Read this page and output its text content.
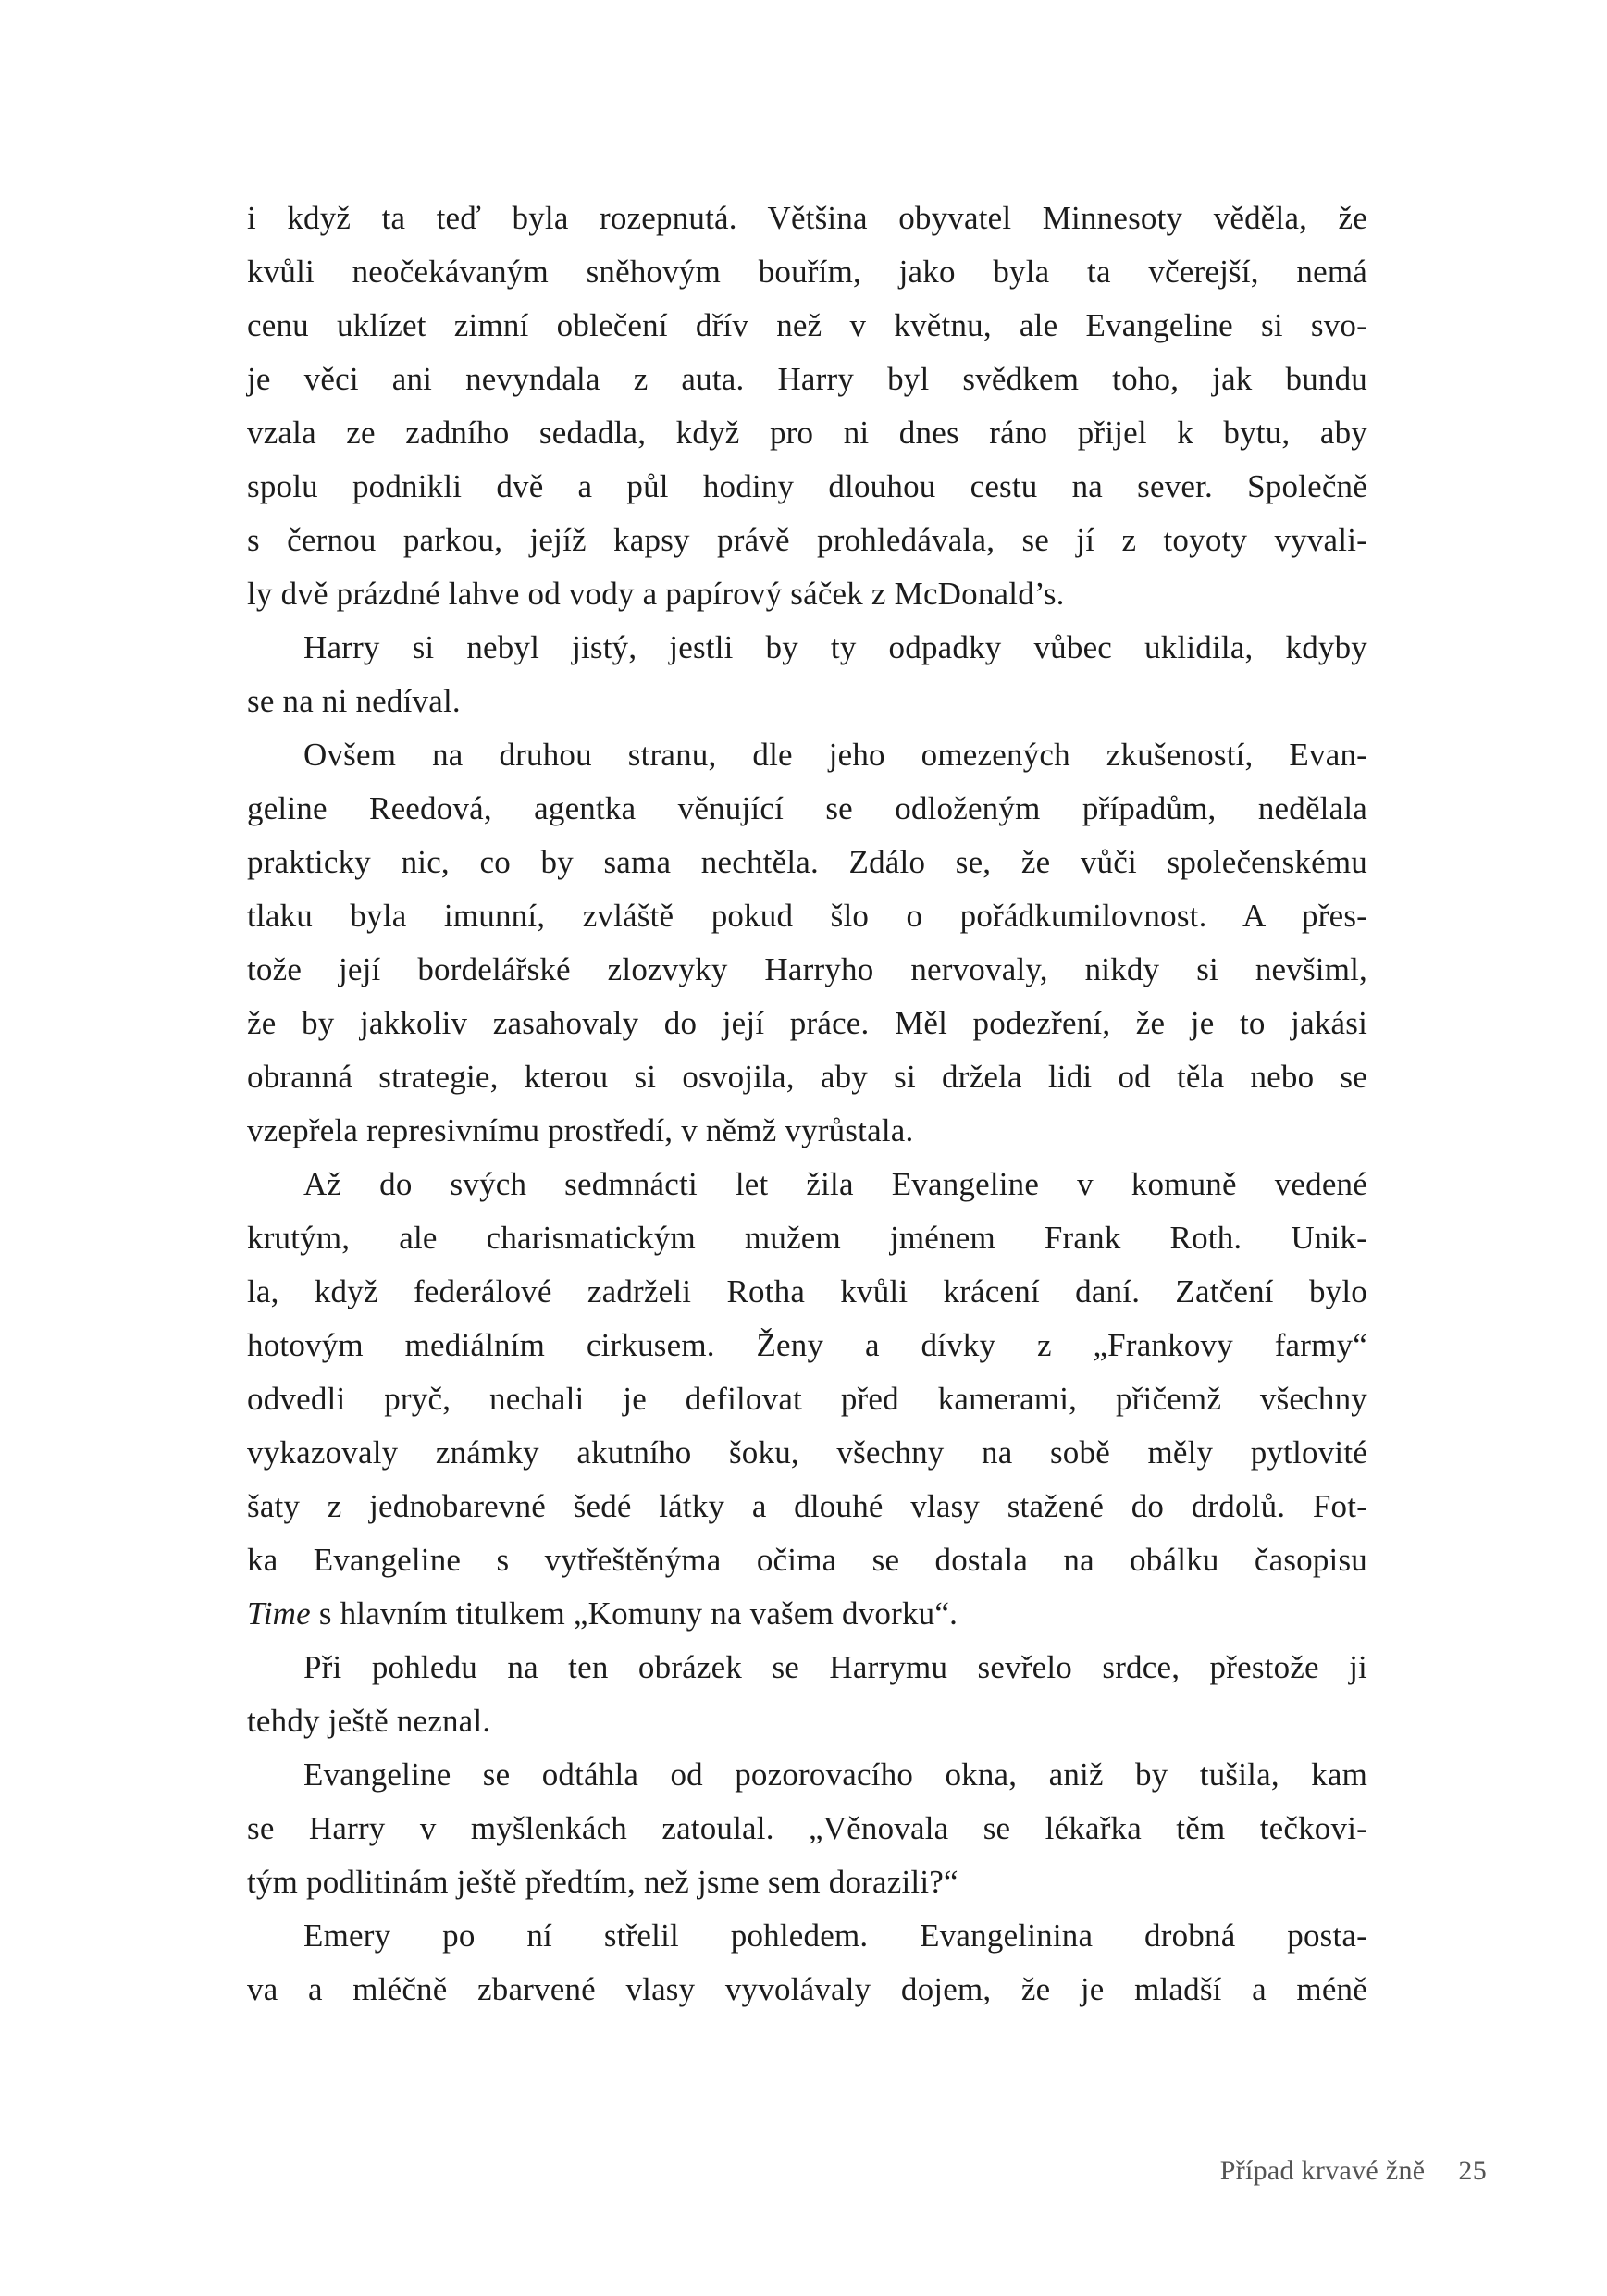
i když ta teď byla rozepnutá. Většina obyvatel Minnesoty věděla, že
kvůli neočekávaným sněhovým bouřím, jako byla ta včerejší, nemá
cenu uklízet zimní oblečení dřív než v květnu, ale Evangeline si svo-
je věci ani nevyndala z auta. Harry byl svědkem toho, jak bundu
vzala ze zadního sedadla, když pro ni dnes ráno přijel k bytu, aby
spolu podnikli dvě a půl hodiny dlouhou cestu na sever. Společně
s černou parkou, jejíž kapsy právě prohledávala, se jí z toyoty vyvali-
ly dvě prázdné lahve od vody a papírový sáček z McDonald’s.
Harry si nebyl jistý, jestli by ty odpadky vůbec uklidila, kdyby
se na ni nedíval.
Ovšem na druhou stranu, dle jeho omezených zkušeností, Evan-
geline Reedová, agentka věnující se odloženým případům, nedělala
prakticky nic, co by sama nechtěla. Zdálo se, že vůči společenskému
tlaku byla imunní, zvláště pokud šlo o pořádkumilovnost. A přes-
tože její bordelářské zlozvyky Harryho nervovaly, nikdy si nevšiml,
že by jakkoliv zasahovaly do její práce. Měl podezření, že je to jakási
obranná strategie, kterou si osvojila, aby si držela lidi od těla nebo se
vzepřela represivnímu prostředí, v němž vyrůstala.
Až do svých sedmnácti let žila Evangeline v komuně vedené
krutým, ale charismatickým mužem jménem Frank Roth. Unik-
la, když federálové zadrželi Rotha kvůli krácení daní. Zatčení bylo
hotovým mediálním cirkusem. Ženy a dívky z „Frankovy farmy“
odvedli pryč, nechali je defilovat před kamerami, přičemž všechny
vykazovaly známky akutního šoku, všechny na sobě měly pytlovité
šaty z jednobarevné šedé látky a dlouhé vlasy stažené do drdolů. Fot-
ka Evangeline s vytřeštěnýma očima se dostala na obálku časopisu
Time s hlavním titulkem „Komuny na vašem dvorku“.
Při pohledu na ten obrázek se Harrymu sevřelo srdce, přestože ji
tehdy ještě neznal.
Evangeline se odtáhla od pozorovacího okna, aniž by tušila, kam
se Harry v myšlenkách zatoulal. „Věnovala se lékařka těm tečkovi-
tým podlitinám ještě předtím, než jsme sem dorazili?“
Emery po ní střelil pohledem. Evangelinina drobná posta-
va a mléčně zbarvené vlasy vyvolávaly dojem, že je mladší a méně
Případ krvavé žně 25
